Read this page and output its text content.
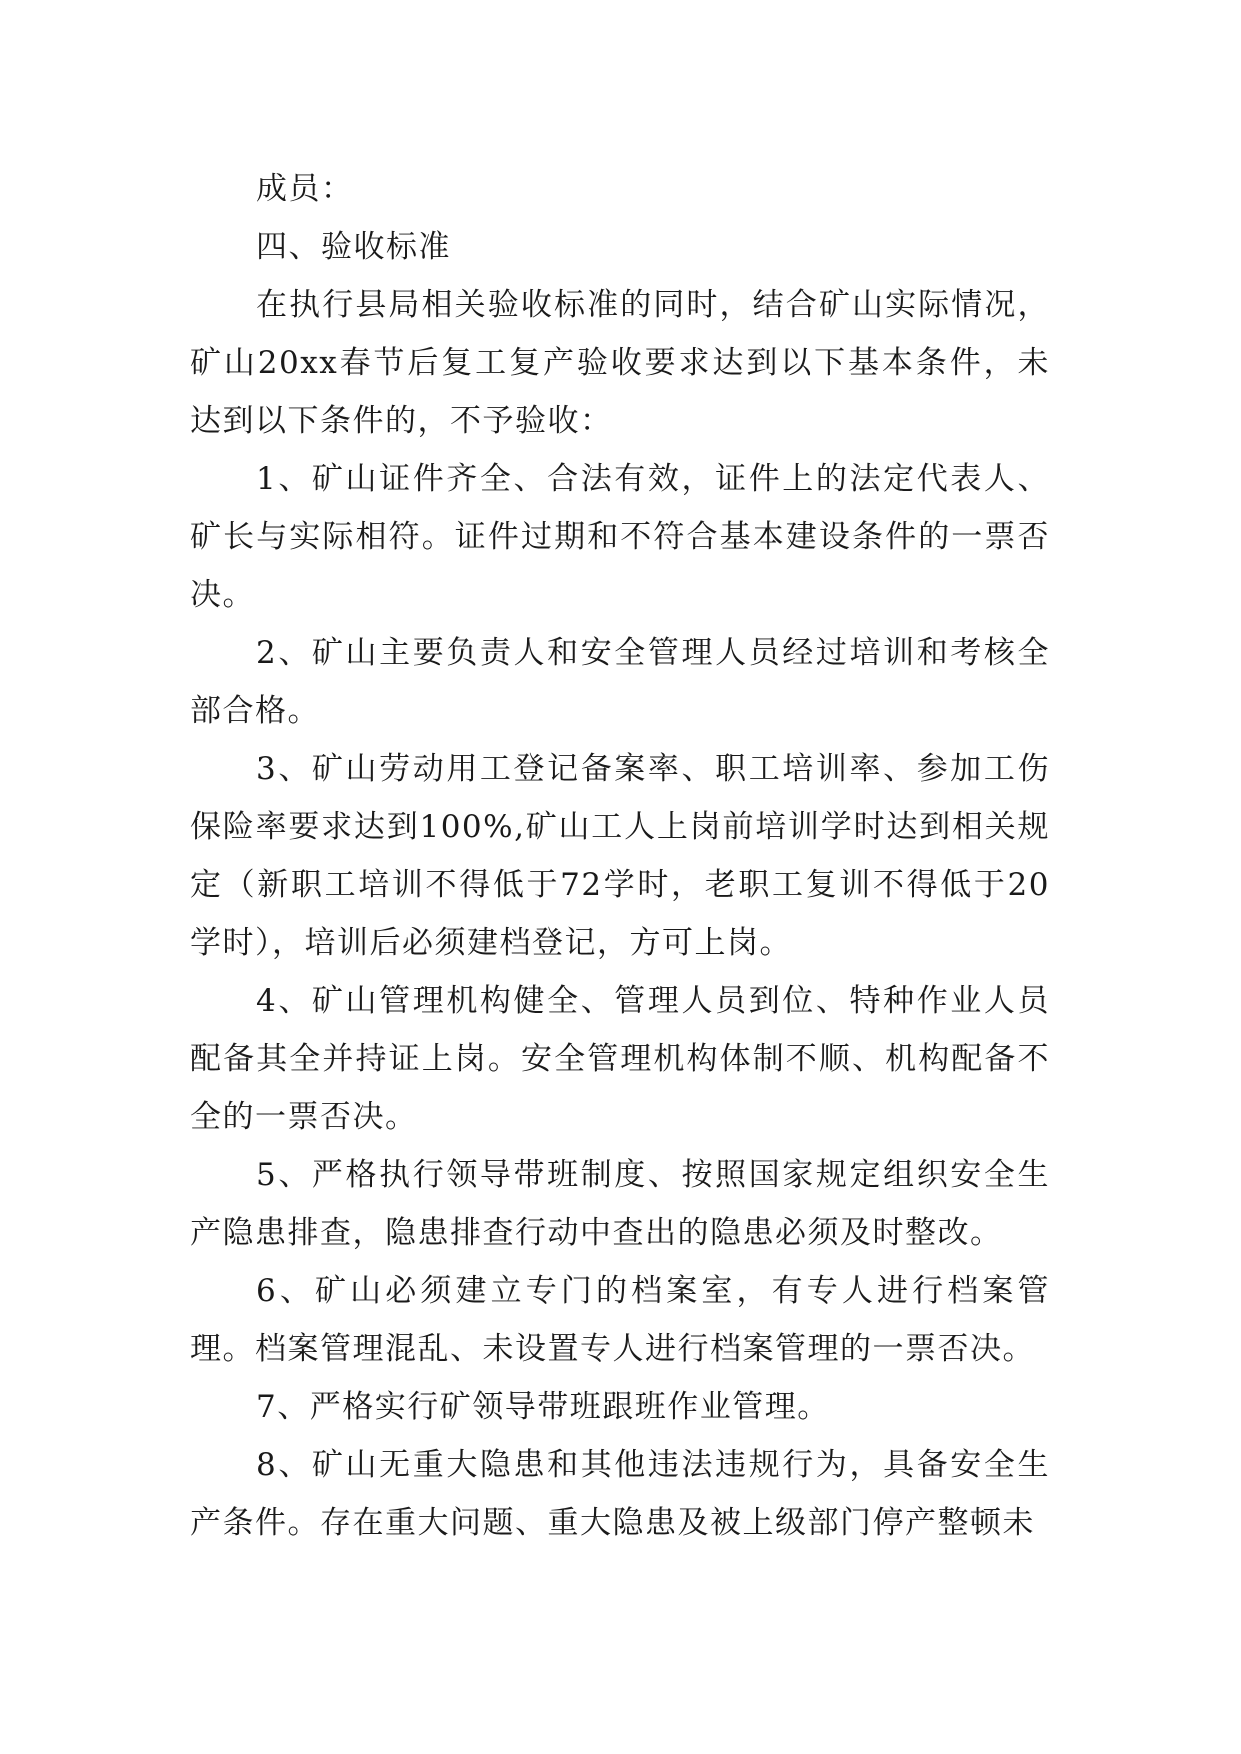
成员：

四、验收标准

在执行县局相关验收标准的同时，结合矿山实际情况，矿山20xx春节后复工复产验收要求达到以下基本条件，未达到以下条件的，不予验收：

1、矿山证件齐全、合法有效，证件上的法定代表人、矿长与实际相符。证件过期和不符合基本建设条件的一票否决。

2、矿山主要负责人和安全管理人员经过培训和考核全部合格。

3、矿山劳动用工登记备案率、职工培训率、参加工伤保险率要求达到100%,矿山工人上岗前培训学时达到相关规定（新职工培训不得低于72学时，老职工复训不得低于20学时），培训后必须建档登记，方可上岗。

4、矿山管理机构健全、管理人员到位、特种作业人员配备其全并持证上岗。安全管理机构体制不顺、机构配备不全的一票否决。

5、严格执行领导带班制度、按照国家规定组织安全生产隐患排查，隐患排查行动中查出的隐患必须及时整改。

6、矿山必须建立专门的档案室，有专人进行档案管理。档案管理混乱、未设置专人进行档案管理的一票否决。

7、严格实行矿领导带班跟班作业管理。

8、矿山无重大隐患和其他违法违规行为，具备安全生产条件。存在重大问题、重大隐患及被上级部门停产整顿未
